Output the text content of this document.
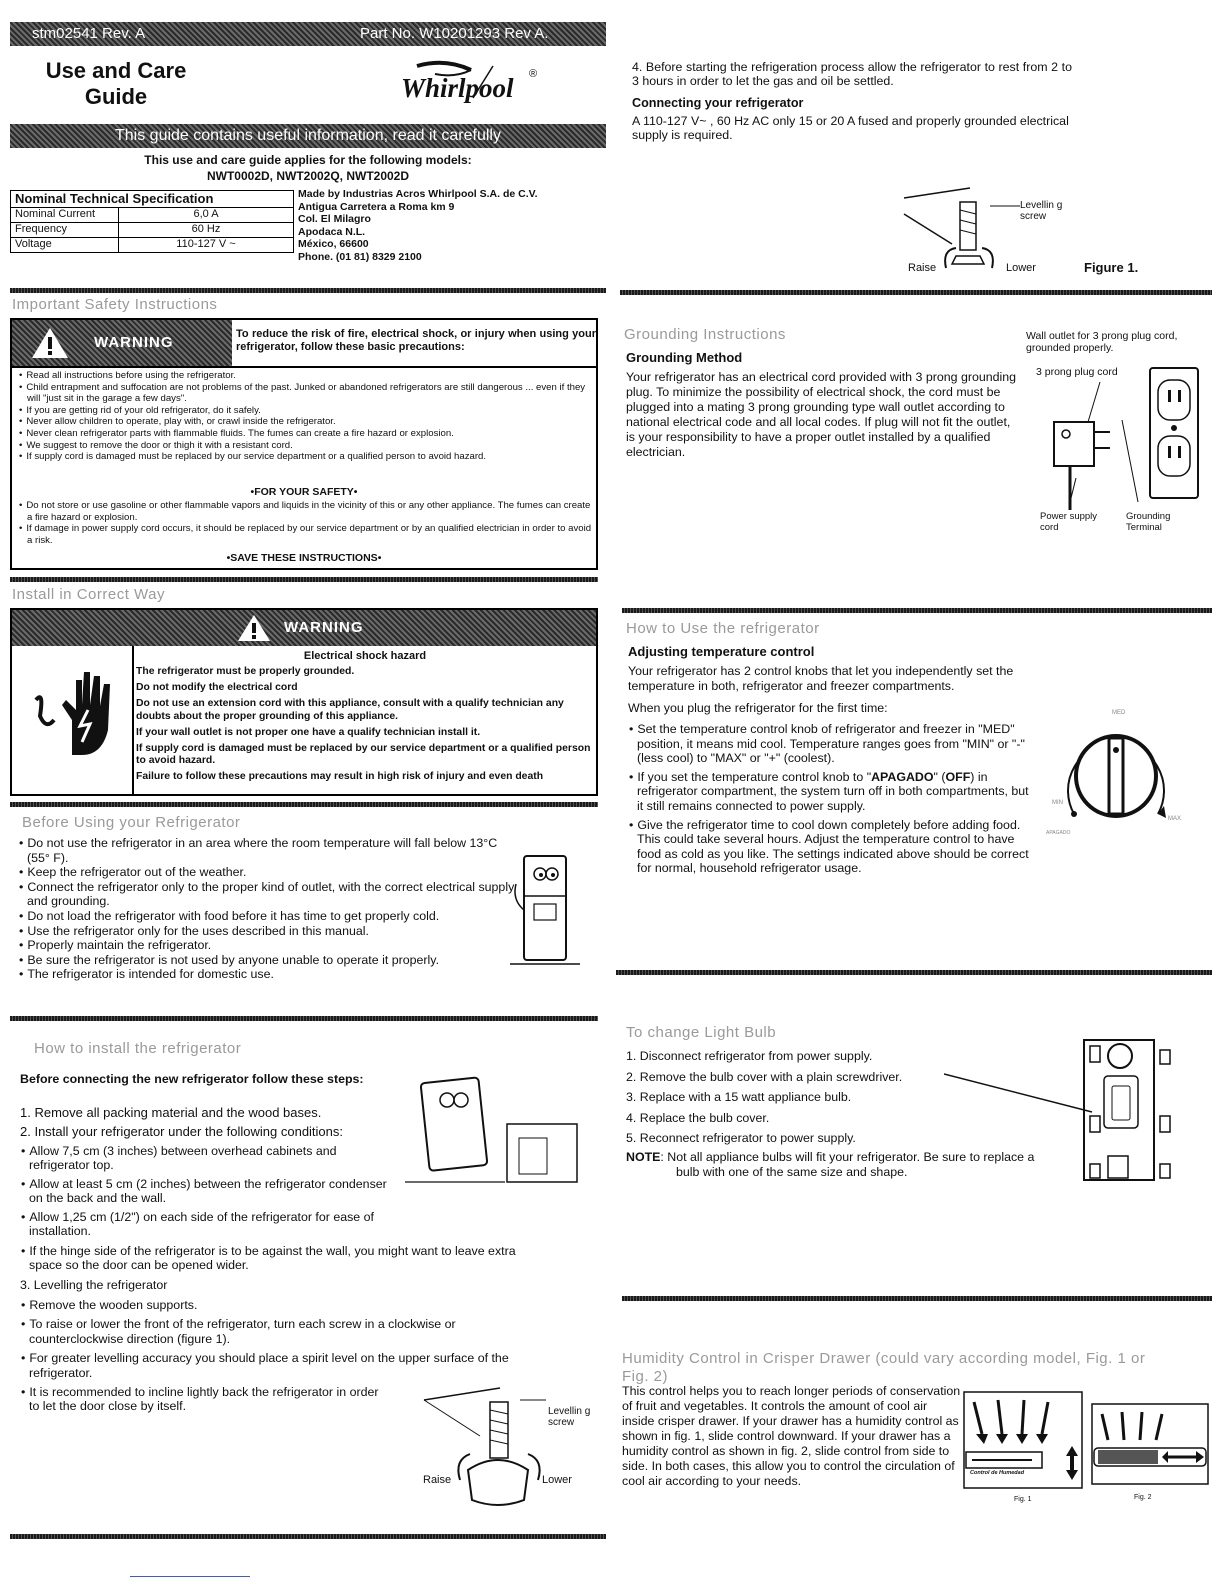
stm02541 Rev. A	Part No. W10201293 Rev A.
Use and Care
Guide	Whirlpool ®
This guide contains useful information, read it carefully
This use and care guide applies for the following models:
NWT0002D, NWT2002Q, NWT2002D
Nominal Technical Specification	
Nominal Current	6,0 A
Frequency	60 Hz
Voltage	110-127 V ~
Made by Industrias Acros Whirlpool S.A. de C.V.
Antigua Carretera a Roma km 9
Col. El Milagro
Apodaca N.L.
México, 66600
Phone. (01 81) 8329 2100
Important Safety Instructions
WARNING	To reduce the risk of fire, electrical shock, or injury when using your refrigerator, follow these basic precautions:
• Read all instructions before using the refrigerator.
• Child entrapment and suffocation are not problems of the past. Junked or abandoned refrigerators are still dangerous ... even if they will "just sit in the garage a few days".
• If you are getting rid of your old refrigerator, do it safely.
• Never allow children to operate, play with, or crawl inside the refrigerator.
• Never clean refrigerator parts with flammable fluids. The fumes can create a fire hazard or explosion.
• We suggest to remove the door or thigh it with a resistant cord.
• If supply cord is damaged must be replaced by our service department or a qualified person to avoid hazard.
•FOR YOUR SAFETY•
• Do not store or use gasoline or other flammable vapors and liquids in the vicinity of this or any other appliance. The fumes can create a fire hazard or explosion.
• If damage in power supply cord occurs, it should be replaced by our service department or by an qualified electrician in order to avoid a risk.
•SAVE THESE INSTRUCTIONS•
Install in Correct Way
WARNING
Electrical shock hazard
The refrigerator must be properly grounded.
Do not modify the electrical cord
Do not use an extension cord with this appliance, consult with a qualify technician any doubts about the proper grounding of this appliance.
If your wall outlet is not proper one have a qualify technician install it.
If supply cord is damaged must be replaced by our service department or a qualified person to avoid hazard.
Failure to follow these precautions may result in high risk of injury and even death
Before Using your Refrigerator
• Do not use the refrigerator in an area where the room temperature will fall below 13°C (55° F).
• Keep the refrigerator out of the weather.
• Connect the refrigerator only to the proper kind of outlet, with the correct electrical supply and grounding.
• Do not load the refrigerator with food before it has time to get properly cold.
• Use the refrigerator only for the uses described in this manual.
• Properly maintain the refrigerator.
• Be sure the refrigerator is not used by anyone unable to operate it properly.
• The refrigerator is intended for domestic use.
How to install the refrigerator
Before connecting the new refrigerator follow these steps:
1. Remove all packing material and the wood bases.
2. Install your refrigerator under the following conditions:
• Allow 7,5 cm (3 inches) between overhead cabinets and refrigerator top.
• Allow at least 5 cm (2 inches) between the refrigerator condenser on the back and the wall.
• Allow 1,25 cm (1/2") on each side of the refrigerator for ease of installation.
• If the hinge side of the refrigerator is to be against the wall, you might want to leave extra space so the door can be opened wider.
3. Levelling the refrigerator
• Remove the wooden supports.
• To raise or lower the front of the refrigerator, turn each screw in a clockwise or counterclockwise direction (figure 1).
• For greater levelling accuracy you should place a spirit level on the upper surface of the refrigerator.
• It is recommended to incline lightly back the refrigerator in order to let the door close by itself.	Levellin g screw
Raise	Lower
4. Before starting the refrigeration process allow the refrigerator to rest from 2 to 3 hours in order to let the gas and oil be settled.
Connecting your refrigerator
A 110-127 V~ , 60 Hz AC only 15 or 20 A fused and properly grounded electrical supply is required.
Levellin g screw
Raise	Lower	Figure 1.
Grounding Instructions
Grounding Method
Your refrigerator has an electrical cord provided with 3 prong grounding plug. To minimize the possibility of electrical shock, the cord must be plugged into a mating 3 prong grounding type wall outlet according to national electrical code and all local codes. If plug will not fit the outlet, is your responsibility to have a proper outlet installed by a qualified electrician.
Wall outlet for 3 prong plug cord, grounded properly.
3 prong plug cord
Power supply cord
Grounding Terminal
How to Use the refrigerator
Adjusting temperature control
Your refrigerator has 2 control knobs that let you independently set the temperature in both, refrigerator and freezer compartments.
When you plug the refrigerator for the first time:
• Set the temperature control knob of refrigerator and freezer in "MED" position, it means mid cool. Temperature ranges goes from "MIN" or "-" (less cool) to "MAX" or "+" (coolest).
• If you set the temperature control knob to "APAGADO" (OFF) in refrigerator compartment, the system turn off in both compartments, but it still remains connected to power supply.
• Give the refrigerator time to cool down completely before adding food. This could take several hours. Adjust the temperature control to have food as cold as you like. The settings indicated above should be correct for normal, household refrigerator usage.
MED
MIN
MAX
APAGADO
To change Light Bulb
1. Disconnect refrigerator from power supply.
2. Remove the bulb cover with a plain screwdriver.
3. Replace with a 15 watt appliance bulb.
4. Replace the bulb cover.
5. Reconnect refrigerator to power supply.
NOTE: Not all appliance bulbs will fit your refrigerator. Be sure to replace a bulb with one of the same size and shape.
Humidity Control in Crisper Drawer (could vary according model, Fig. 1 or Fig. 2)
This control helps you to reach longer periods of conservation of fruit and vegetables. It controls the amount of cool air inside crisper drawer. If your drawer has a humidity control as shown in fig. 1, slide control downward. If your drawer has a humidity control as shown in fig. 2, slide control from side to side. In both cases, this allow you to control the circulation of cool air according to your needs.
Control de Humedad
Fig. 1	Fig. 2
